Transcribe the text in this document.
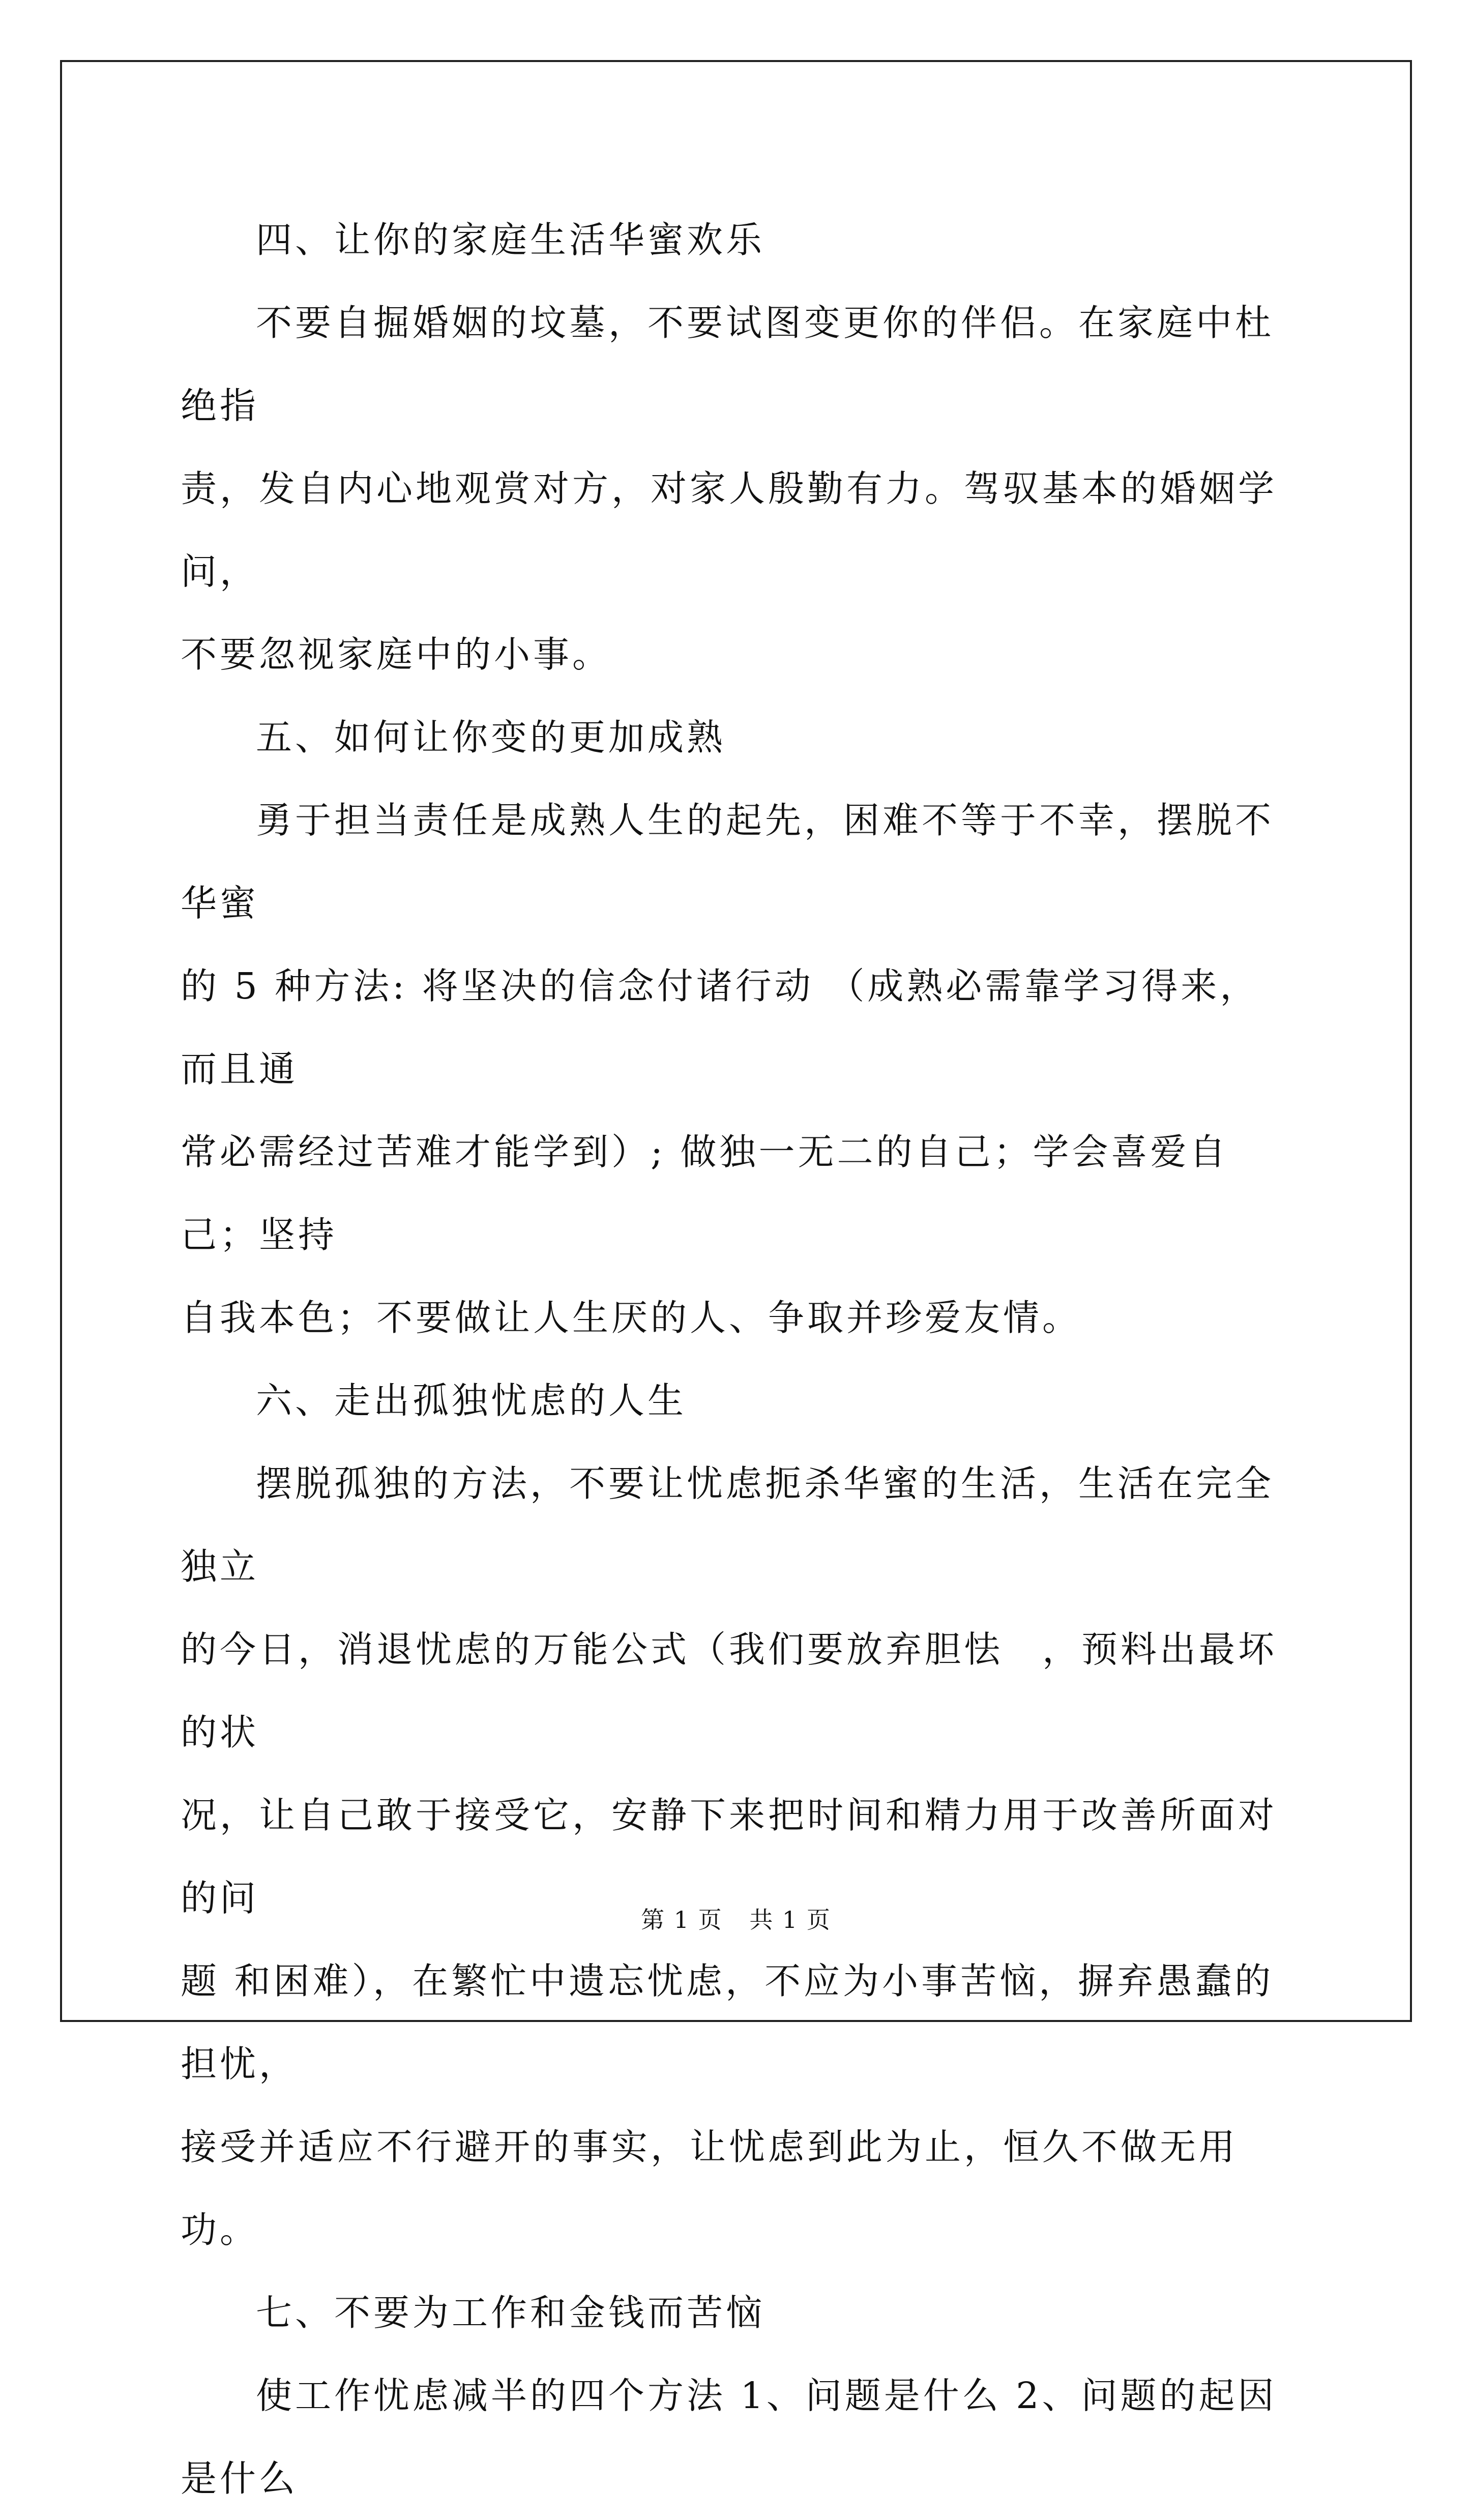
四、让你的家庭生活华蜜欢乐

不要自掘婚姻的坟墓，不要试图变更你的伴侣。在家庭中杜绝指

责，发自内心地观赏对方，对家人殷勤有力。驾驭基本的婚姻学问，

不要忽视家庭中的小事。

五、如何让你变的更加成熟

勇于担当责任是成熟人生的起先，困难不等于不幸，摆脱不华蜜

的 5 种方法: 将坚决的信念付诸行动 （成熟必需靠学习得来，而且通

常必需经过苦难才能学到）; 做独一无二的自己；学会喜爱自己；坚持

自我本色；不要做让人生厌的人、争取并珍爱友情。

六、走出孤独忧虑的人生

摆脱孤独的方法，不要让忧虑扼杀华蜜的生活，生活在完全独立

的今日，消退忧虑的万能公式（我们要放弃胆怯　，预料出最坏的状

况，让自己敢于接受它，安静下来把时间和精力用于改善所面对的问

题 和困难），在繁忙中遗忘忧虑，不应为小事苦恼，摒弃愚蠢的担忧，

接受并适应不行避开的事实，让忧虑到此为止，恒久不做无用功。

七、不要为工作和金钱而苦恼

使工作忧虑减半的四个方法 1、问题是什么 2、问题的起因是什么

第 1 页 共 1 页
